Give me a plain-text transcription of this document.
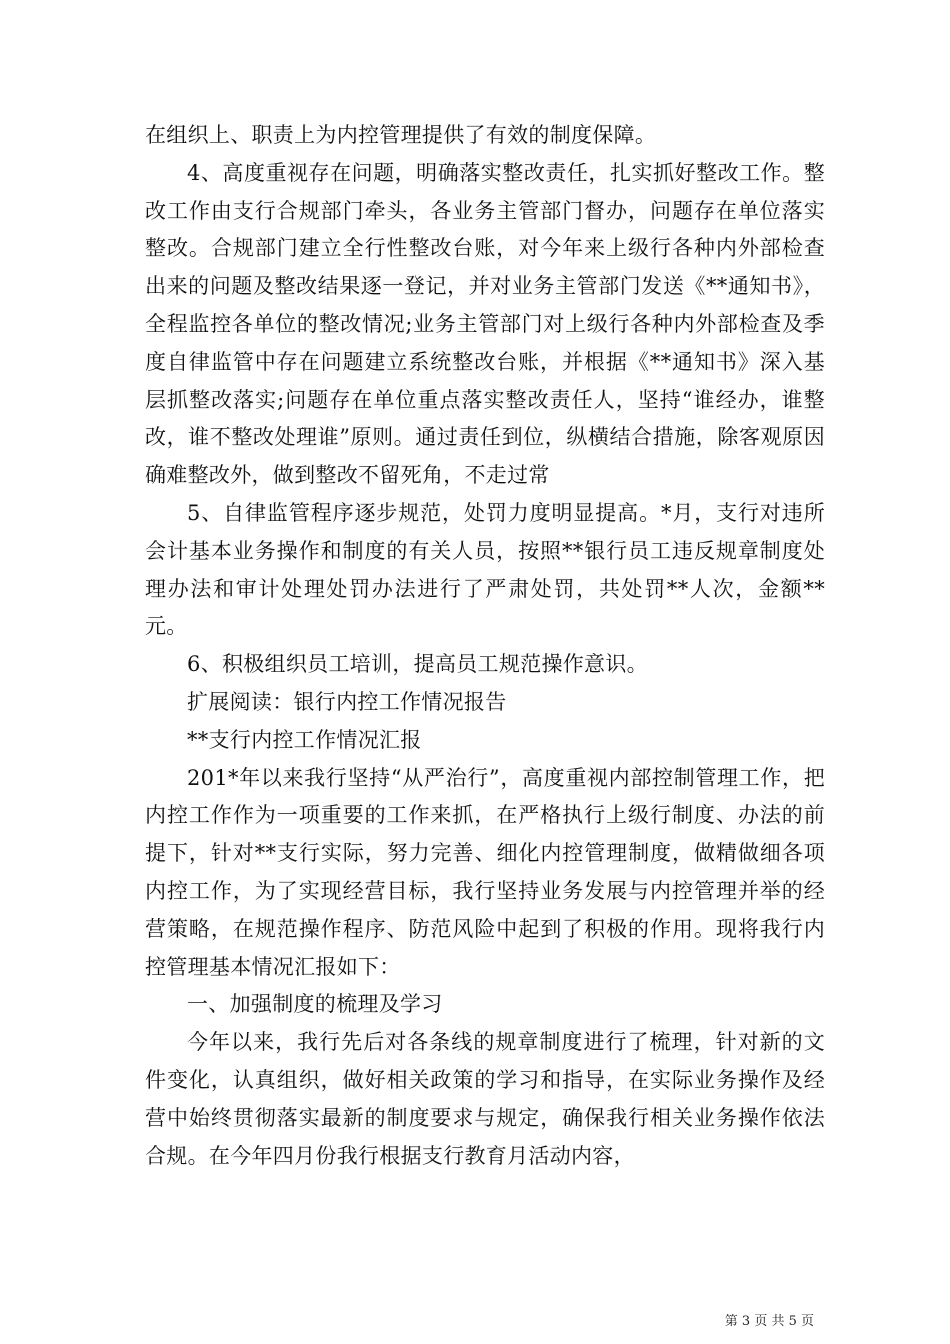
在组织上、职责上为内控管理提供了有效的制度保障。

4、高度重视存在问题，明确落实整改责任，扎实抓好整改工作。整改工作由支行合规部门牵头，各业务主管部门督办，问题存在单位落实整改。合规部门建立全行性整改台账，对今年来上级行各种内外部检查出来的问题及整改结果逐一登记，并对业务主管部门发送《**通知书》，全程监控各单位的整改情况;业务主管部门对上级行各种内外部检查及季度自律监管中存在问题建立系统整改台账，并根据《**通知书》深入基层抓整改落实;问题存在单位重点落实整改责任人，坚持“谁经办，谁整改，谁不整改处理谁”原则。通过责任到位，纵横结合措施，除客观原因确难整改外，做到整改不留死角，不走过常

5、自律监管程序逐步规范，处罚力度明显提高。*月，支行对违所会计基本业务操作和制度的有关人员，按照**银行员工违反规章制度处理办法和审计处理处罚办法进行了严肃处罚，共处罚**人次，金额**元。

6、积极组织员工培训，提高员工规范操作意识。

扩展阅读：银行内控工作情况报告

**支行内控工作情况汇报

201*年以来我行坚持“从严治行”，高度重视内部控制管理工作，把内控工作作为一项重要的工作来抓，在严格执行上级行制度、办法的前提下，针对**支行实际，努力完善、细化内控管理制度，做精做细各项内控工作，为了实现经营目标，我行坚持业务发展与内控管理并举的经营策略，在规范操作程序、防范风险中起到了积极的作用。现将我行内控管理基本情况汇报如下：

一、加强制度的梳理及学习

今年以来，我行先后对各条线的规章制度进行了梳理，针对新的文件变化，认真组织，做好相关政策的学习和指导，在实际业务操作及经营中始终贯彻落实最新的制度要求与规定，确保我行相关业务操作依法合规。在今年四月份我行根据支行教育月活动内容，

第 3 页 共 5 页
